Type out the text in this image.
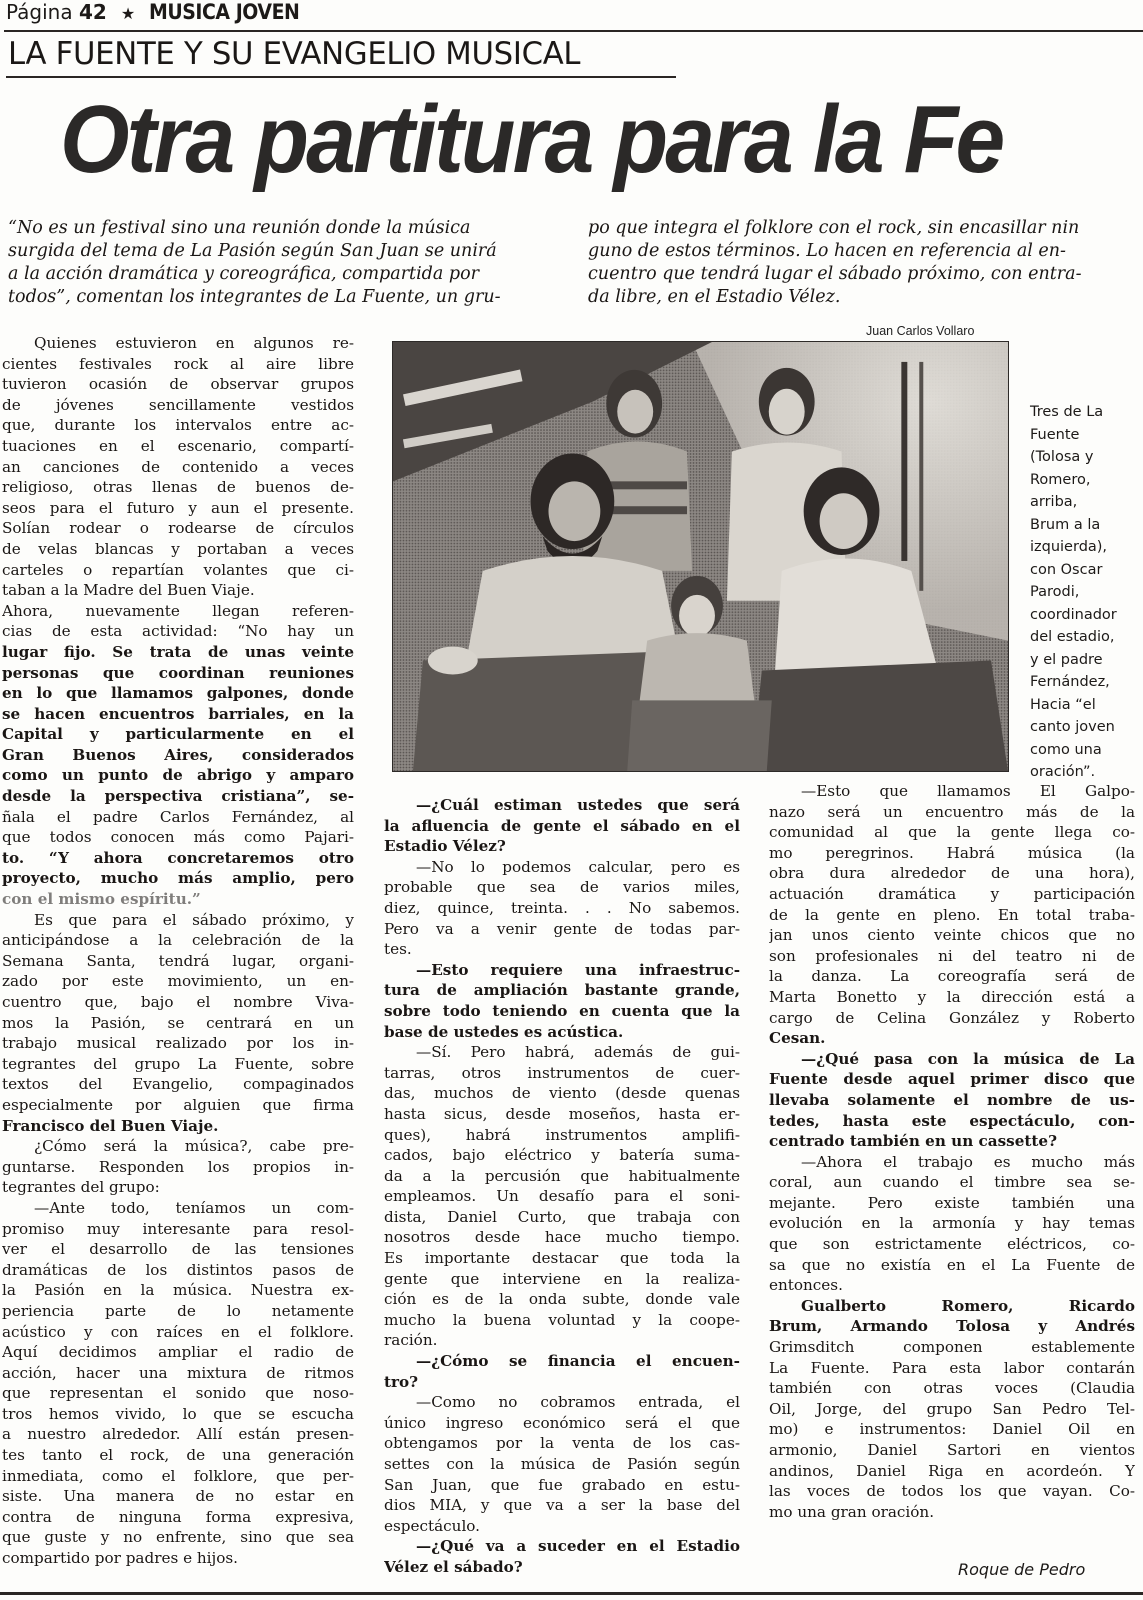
Página 42 ★ MUSICA JOVEN
LA FUENTE Y SU EVANGELIO MUSICAL
Otra partitura para la Fe
“No es un festival sino una reunión donde la música
surgida del tema de La Pasión según San Juan se unirá
a la acción dramática y coreográfica, compartida por
todos”, comentan los integrantes de La Fuente, un gru-
po que integra el folklore con el rock, sin encasillar nin
guno de estos términos. Lo hacen en referencia al en-
cuentro que tendrá lugar el sábado próximo, con entra-
da libre, en el Estadio Vélez.
Juan Carlos Vollaro
Tres de La
Fuente
(Tolosa y
Romero,
arriba,
Brum a la
izquierda),
con Oscar
Parodi,
coordinador
del estadio,
y el padre
Fernández,
Hacia “el
canto joven
como una
oración”.
Quienes estuvieron en algunos re-
cientes festivales rock al aire libre
tuvieron ocasión de observar grupos
de jóvenes sencillamente vestidos
que, durante los intervalos entre ac-
tuaciones en el escenario, compartí-
an canciones de contenido a veces
religioso, otras llenas de buenos de-
seos para el futuro y aun el presente.
Solían rodear o rodearse de círculos
de velas blancas y portaban a veces
carteles o repartían volantes que ci-
taban a la Madre del Buen Viaje.
Ahora, nuevamente llegan referen-
cias de esta actividad: “No hay un
lugar fijo. Se trata de unas veinte
personas que coordinan reuniones
en lo que llamamos galpones, donde
se hacen encuentros barriales, en la
Capital y particularmente en el
Gran Buenos Aires, considerados
como un punto de abrigo y amparo
desde la perspectiva cristiana”, se-
ñala el padre Carlos Fernández, al
que todos conocen más como Pajari-
to. “Y ahora concretaremos otro
proyecto, mucho más amplio, pero
con el mismo espíritu.”
Es que para el sábado próximo, y
anticipándose a la celebración de la
Semana Santa, tendrá lugar, organi-
zado por este movimiento, un en-
cuentro que, bajo el nombre Viva-
mos la Pasión, se centrará en un
trabajo musical realizado por los in-
tegrantes del grupo La Fuente, sobre
textos del Evangelio, compaginados
especialmente por alguien que firma
Francisco del Buen Viaje.
¿Cómo será la música?, cabe pre-
guntarse. Responden los propios in-
tegrantes del grupo:
—Ante todo, teníamos un com-
promiso muy interesante para resol-
ver el desarrollo de las tensiones
dramáticas de los distintos pasos de
la Pasión en la música. Nuestra ex-
periencia parte de lo netamente
acústico y con raíces en el folklore.
Aquí decidimos ampliar el radio de
acción, hacer una mixtura de ritmos
que representan el sonido que noso-
tros hemos vivido, lo que se escucha
a nuestro alrededor. Allí están presen-
tes tanto el rock, de una generación
inmediata, como el folklore, que per-
siste. Una manera de no estar en
contra de ninguna forma expresiva,
que guste y no enfrente, sino que sea
compartido por padres e hijos.
—¿Cuál estiman ustedes que será
la afluencia de gente el sábado en el
Estadio Vélez?
—No lo podemos calcular, pero es
probable que sea de varios miles,
diez, quince, treinta. . . No sabemos.
Pero va a venir gente de todas par-
tes.
—Esto requiere una infraestruc-
tura de ampliación bastante grande,
sobre todo teniendo en cuenta que la
base de ustedes es acústica.
—Sí. Pero habrá, además de gui-
tarras, otros instrumentos de cuer-
das, muchos de viento (desde quenas
hasta sicus, desde moseños, hasta er-
ques), habrá instrumentos amplifi-
cados, bajo eléctrico y batería suma-
da a la percusión que habitualmente
empleamos. Un desafío para el soni-
dista, Daniel Curto, que trabaja con
nosotros desde hace mucho tiempo.
Es importante destacar que toda la
gente que interviene en la realiza-
ción es de la onda subte, donde vale
mucho la buena voluntad y la coope-
ración.
—¿Cómo se financia el encuen-
tro?
—Como no cobramos entrada, el
único ingreso económico será el que
obtengamos por la venta de los cas-
settes con la música de Pasión según
San Juan, que fue grabado en estu-
dios MIA, y que va a ser la base del
espectáculo.
—¿Qué va a suceder en el Estadio
Vélez el sábado?
—Esto que llamamos El Galpo-
nazo será un encuentro más de la
comunidad al que la gente llega co-
mo peregrinos. Habrá música (la
obra dura alrededor de una hora),
actuación dramática y participación
de la gente en pleno. En total traba-
jan unos ciento veinte chicos que no
son profesionales ni del teatro ni de
la danza. La coreografía será de
Marta Bonetto y la dirección está a
cargo de Celina González y Roberto
Cesan.
—¿Qué pasa con la música de La
Fuente desde aquel primer disco que
llevaba solamente el nombre de us-
tedes, hasta este espectáculo, con-
centrado también en un cassette?
—Ahora el trabajo es mucho más
coral, aun cuando el timbre sea se-
mejante. Pero existe también una
evolución en la armonía y hay temas
que son estrictamente eléctricos, co-
sa que no existía en el La Fuente de
entonces.
Gualberto Romero, Ricardo
Brum, Armando Tolosa y Andrés
Grimsditch componen establemente
La Fuente. Para esta labor contarán
también con otras voces (Claudia
Oil, Jorge, del grupo San Pedro Tel-
mo) e instrumentos: Daniel Oil en
armonio, Daniel Sartori en vientos
andinos, Daniel Riga en acordeón. Y
las voces de todos los que vayan. Co-
mo una gran oración.
Roque de Pedro
